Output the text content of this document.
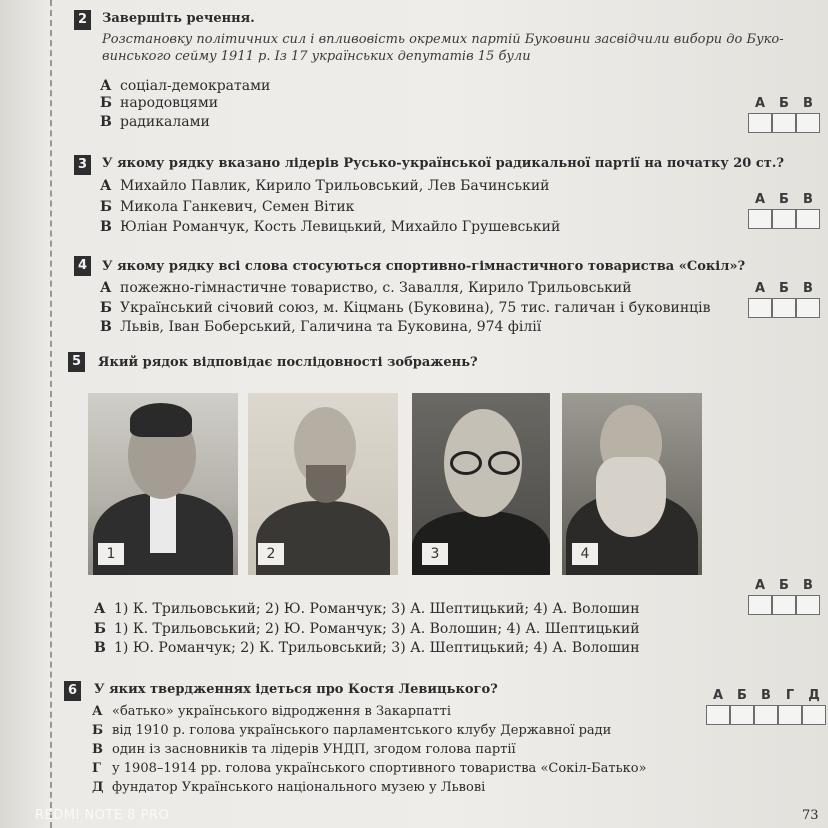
2	Завершіть речення.
Розстановку політичних сил і впливовість окремих партій Буковини засвідчили вибори до Буко-винського сейму 1911 р. Із 17 українських депутатів 15 були
А соціал-демократами
Б народовцями
В радикалами
А	Б	В
3	У якому рядку вказано лідерів Русько-української радикальної партії на початку 20 ст.?
А Михайло Павлик, Кирило Трильовський, Лев Бачинський
Б Микола Ганкевич, Семен Вітик
В Юліан Романчук, Кость Левицький, Михайло Грушевський
А	Б	В
4	У якому рядку всі слова стосуються спортивно-гімнастичного товариства «Сокіл»?
А пожежно-гімнастичне товариство, с. Завалля, Кирило Трильовський
Б Український січовий союз, м. Кіцмань (Буковина), 75 тис. галичан і буковинців
В Львів, Іван Боберський, Галичина та Буковина, 974 філії
А	Б	В
5	Який рядок відповідає послідовності зображень?
1	2	3	4
А	Б	В
А 1) К. Трильовський; 2) Ю. Романчук; 3) А. Шептицький; 4) А. Волошин
Б 1) К. Трильовський; 2) Ю. Романчук; 3) А. Волошин; 4) А. Шептицький
В 1) Ю. Романчук; 2) К. Трильовський; 3) А. Шептицький; 4) А. Волошин
6	У яких твердженнях ідеться про Костя Левицького?	А	Б	В	Г	Д
А «батько» українського відродження в Закарпатті
Б від 1910 р. голова українського парламентського клубу Державної ради
В один із засновників та лідерів УНДП, згодом голова партії
Г у 1908–1914 рр. голова українського спортивного товариства «Сокіл-Батько»
Д фундатор Українського національного музею у Львові
REDMI NOTE 8 PRO	73
